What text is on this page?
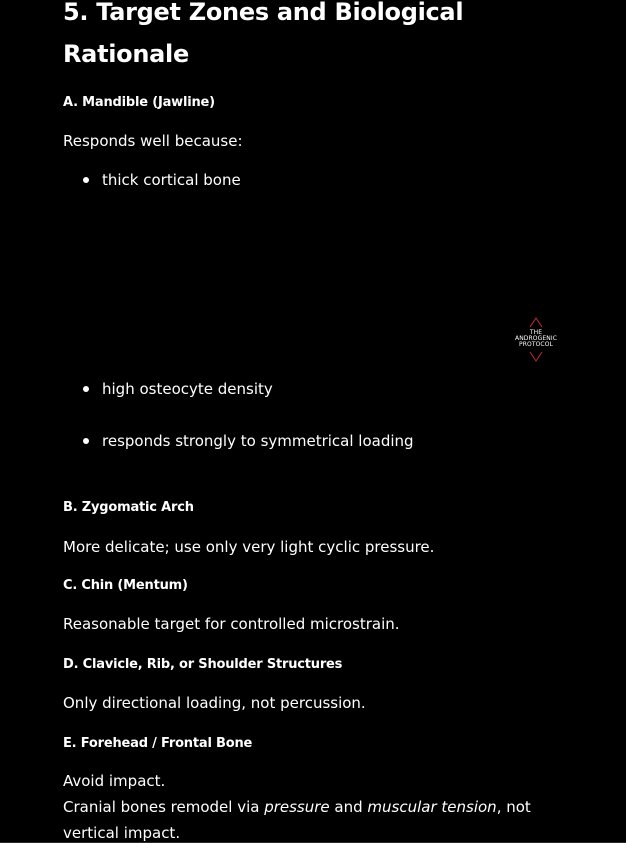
5. Target Zones and Biological
Rationale
A. Mandible (Jawline)
Responds well because:
thick cortical bone
high osteocyte density
responds strongly to symmetrical loading
B. Zygomatic Arch
More delicate; use only very light cyclic pressure.
C. Chin (Mentum)
Reasonable target for controlled microstrain.
D. Clavicle, Rib, or Shoulder Structures
Only directional loading, not percussion.
E. Forehead / Frontal Bone
Avoid impact.
Cranial bones remodel via pressure and muscular tension, not
vertical impact.
THE
ANDROGENIC
PROTOCOL
